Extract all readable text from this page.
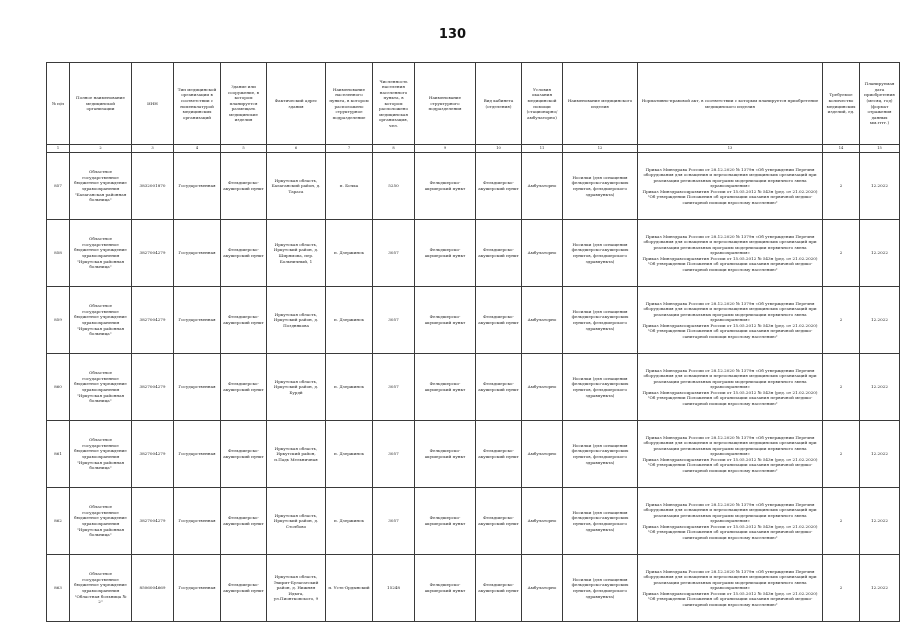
130
№ п/п	Полное наименование медицинской организации	ИНН	Тип медицинской организации в соответствии с номенклатурой медицинских организаций	Здание или сооружение, в котором планируется размещать медицинские изделия	Фактический адрес здания	Наименование населенного пункта, в котором расположено структурное подразделение	Численность населения населенного пункта, в котором расположено медицинская организация, чел.	Наименование структурного подразделения	Вид кабинета (отделения)	Условия оказания медицинской помощи (стационарно/амбулаторно)	Наименование медицинского изделия	Нормативно-правовой акт, в соответствии с которым планируется приобретение медицинского изделия	Требуемое количество медицинских изделий, ед.	Планируемая дата приобретения (месяц, год) (формат отражения данных мм.гггг.)
1	2	3	4	5	6	7	8	9	10	11	12	13	14	15
857	Областное государственное бюджетное учреждение здравоохранения "Балаганская районная больница"	3832001870	Государственная	Фельдшерско-акушерский пункт	Иркутская область, Балаганский район, д. Тарасa	п. Бочка	5250	Фельдшерско-акушерский пункт	Фельдшерско-акушерский пункт	Амбулаторно	Носилки (для оснащения фельдшерско-акушерских пунктов, фельдшерского здравпункта)	Приказ Минздрава России от 28.12.2020 № 1379н «Об утверждении Перечня оборудования для оснащения и переоснащения медицинских организаций при реализации региональных программ модернизации первичного звена здравоохранения»
Приказ Минздравсоцразвития России от 15.05.2012 № 543н (ред. от 21.02.2020) "Об утверждении Положения об организации оказания первичной медико-санитарной помощи взрослому населению"	2	12.2022
858	Областное государственное бюджетное учреждение здравоохранения "Иркутская районная больница"	3827004279	Государственная	Фельдшерско-акушерский пункт	Иркутская область, Иркутский район, д. Ширямовa, пер. Больничный, 1	п. Дзержинск	3057	Фельдшерско-акушерский пункт	Фельдшерско-акушерский пункт	Амбулаторно	Носилки (для оснащения фельдшерско-акушерских пунктов, фельдшерского здравпункта)	Приказ Минздрава России от 28.12.2020 № 1379н «Об утверждении Перечня оборудования для оснащения и переоснащения медицинских организаций при реализации региональных программ модернизации первичного звена здравоохранения»
Приказ Минздравсоцразвития России от 15.05.2012 № 543н (ред. от 21.02.2020) "Об утверждении Положения об организации оказания первичной медико-санитарной помощи взрослому населению"	2	12.2022
859	Областное государственное бюджетное учреждение здравоохранения "Иркутская районная больница"	3827004279	Государственная	Фельдшерско-акушерский пункт	Иркутская область, Иркутский район, д. Позднякова	п. Дзержинск	3057	Фельдшерско-акушерский пункт	Фельдшерско-акушерский пункт	Амбулаторно	Носилки (для оснащения фельдшерско-акушерских пунктов, фельдшерского здравпункта)	Приказ Минздрава России от 28.12.2020 № 1379н «Об утверждении Перечня оборудования для оснащения и переоснащения медицинских организаций при реализации региональных программ модернизации первичного звена здравоохранения»
Приказ Минздравсоцразвития России от 15.05.2012 № 543н (ред. от 21.02.2020) "Об утверждении Положения об организации оказания первичной медико-санитарной помощи взрослому населению"	2	12.2022
860	Областное государственное бюджетное учреждение здравоохранения "Иркутская районная больница"	3827004279	Государственная	Фельдшерско-акушерский пункт	Иркутская область, Иркутский район, д. Бурдй	п. Дзержинск	3057	Фельдшерско-акушерский пункт	Фельдшерско-акушерский пункт	Амбулаторно	Носилки (для оснащения фельдшерско-акушерских пунктов, фельдшерского здравпункта)	Приказ Минздрава России от 28.12.2020 № 1379н «Об утверждении Перечня оборудования для оснащения и переоснащения медицинских организаций при реализации региональных программ модернизации первичного звена здравоохранения»
Приказ Минздравсоцразвития России от 15.05.2012 № 543н (ред. от 21.02.2020) "Об утверждении Положения об организации оказания первичной медико-санитарной помощи взрослому населению"	2	12.2022
861	Областное государственное бюджетное учреждение здравоохранения "Иркутская районная больница"	3827004279	Государственная	Фельдшерско-акушерский пункт	Иркутская область, Иркутский район, п.Падь Мельничная	п. Дзержинск	3057	Фельдшерско-акушерский пункт	Фельдшерско-акушерский пункт	Амбулаторно	Носилки (для оснащения фельдшерско-акушерских пунктов, фельдшерского здравпункта)	Приказ Минздрава России от 28.12.2020 № 1379н «Об утверждении Перечня оборудования для оснащения и переоснащения медицинских организаций при реализации региональных программ модернизации первичного звена здравоохранения»
Приказ Минздравсоцразвития России от 15.05.2012 № 543н (ред. от 21.02.2020) "Об утверждении Положения об организации оказания первичной медико-санитарной помощи взрослому населению"	2	12.2022
862	Областное государственное бюджетное учреждение здравоохранения "Иркутская районная больница"	3827004279	Государственная	Фельдшерско-акушерский пункт	Иркутская область, Иркутский район, д. Столбово	п. Дзержинск	3057	Фельдшерско-акушерский пункт	Фельдшерско-акушерский пункт	Амбулаторно	Носилки (для оснащения фельдшерско-акушерских пунктов, фельдшерского здравпункта)	Приказ Минздрава России от 28.12.2020 № 1379н «Об утверждении Перечня оборудования для оснащения и переоснащения медицинских организаций при реализации региональных программ модернизации первичного звена здравоохранения»
Приказ Минздравсоцразвития России от 15.05.2012 № 543н (ред. от 21.02.2020) "Об утверждении Положения об организации оказания первичной медико-санитарной помощи взрослому населению"	2	12.2022
863	Областное государственное бюджетное учреждение здравоохранения "Областная больница № 2"	8506004669	Государственная	Фельдшерско-акушерский пункт	Иркутская область, Эхирит-Булагатский район, д. Нижняя Идыга, ул.Пионтковского, 9	п. Усть-Ордынский	15248	Фельдшерско-акушерский пункт	Фельдшерско-акушерский пункт	Амбулаторно	Носилки (для оснащения фельдшерско-акушерских пунктов, фельдшерского здравпункта)	Приказ Минздрава России от 28.12.2020 № 1379н «Об утверждении Перечня оборудования для оснащения и переоснащения медицинских организаций при реализации региональных программ модернизации первичного звена здравоохранения»
Приказ Минздравсоцразвития России от 15.05.2012 № 543н (ред. от 21.02.2020) "Об утверждении Положения об организации оказания первичной медико-санитарной помощи взрослому населению"	2	12.2022
